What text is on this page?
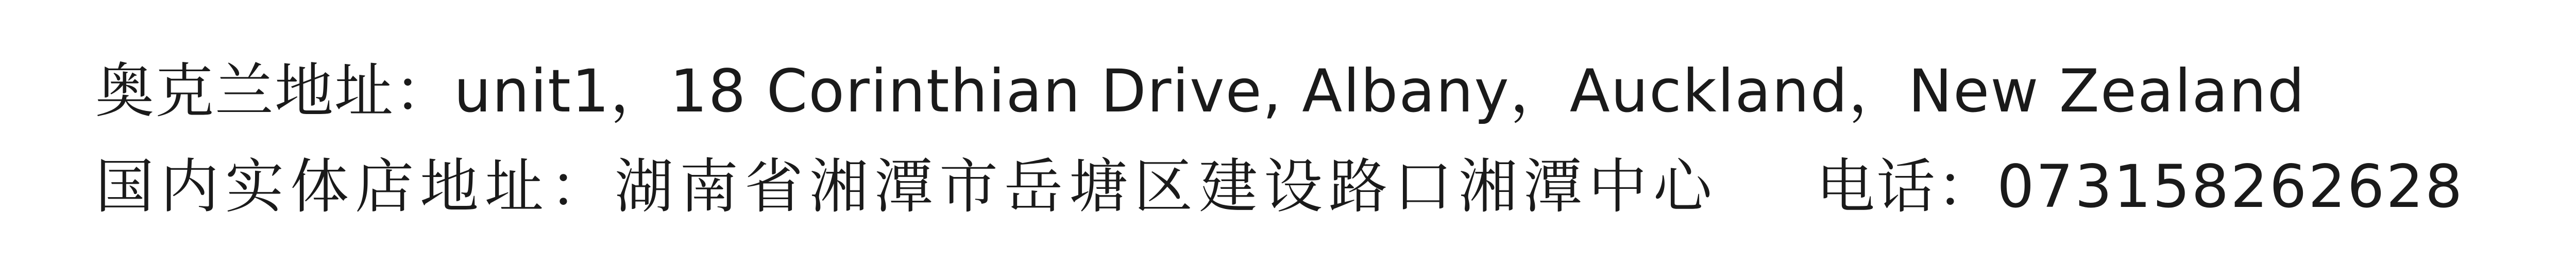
奥克兰地址：unit1，18 Corinthian Drive, Albany，Auckland，New Zealand
国内实体店地址：湖南省湘潭市岳塘区建设路口湘潭中心 电话：073158262628
